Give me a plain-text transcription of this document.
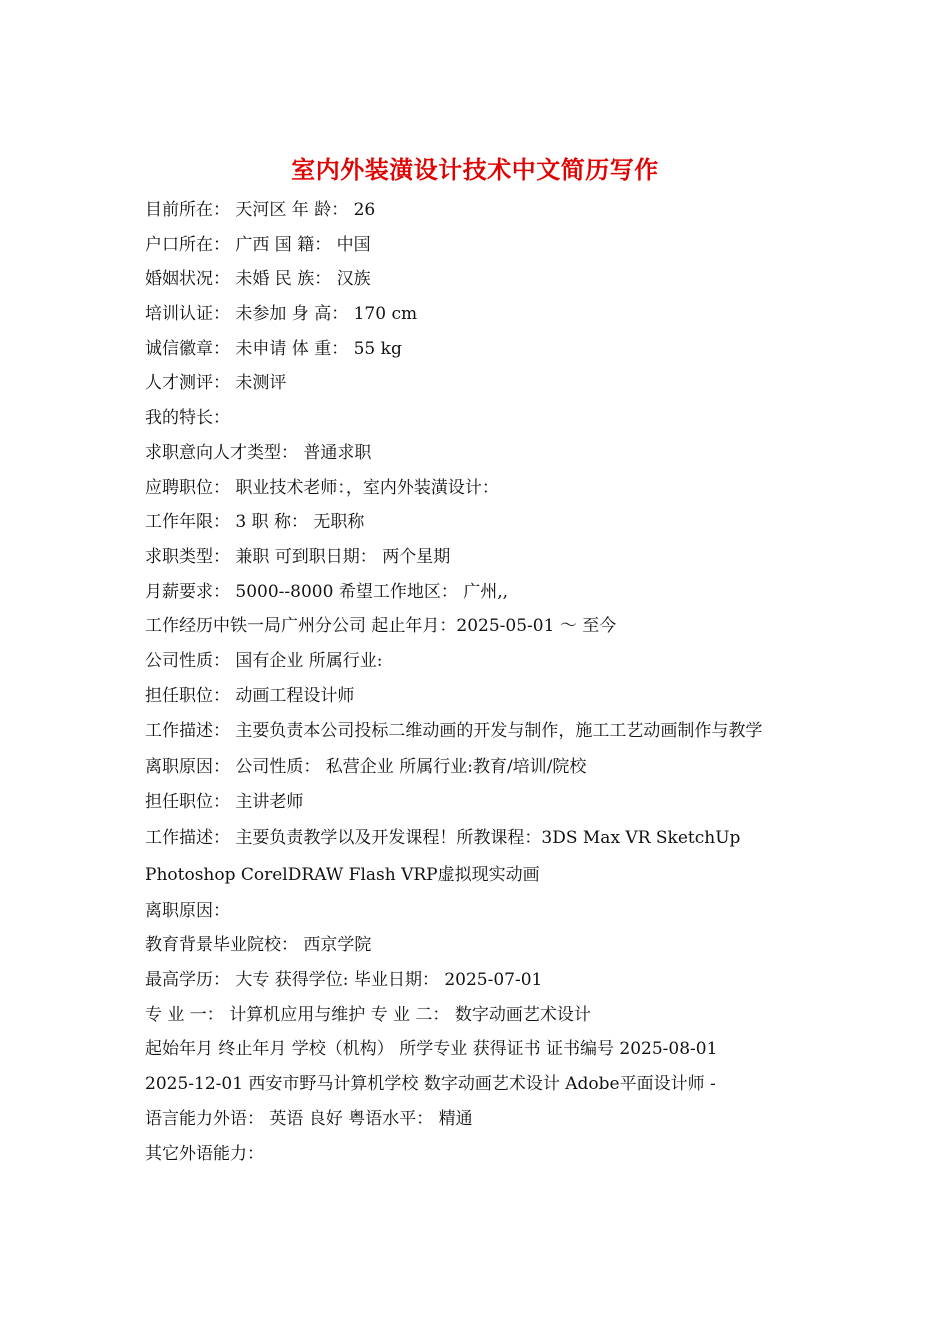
室内外装潢设计技术中文简历写作
目前所在： 天河区 年 龄： 26
户口所在： 广西 国 籍： 中国
婚姻状况： 未婚 民 族： 汉族
培训认证： 未参加 身 高： 170 cm
诚信徽章： 未申请 体 重： 55 kg
人才测评： 未测评
我的特长：
求职意向人才类型： 普通求职
应聘职位： 职业技术老师：，室内外装潢设计：
工作年限： 3 职 称： 无职称
求职类型： 兼职 可到职日期： 两个星期
月薪要求： 5000--8000 希望工作地区： 广州,,
工作经历中铁一局广州分公司 起止年月：2025-05-01 ～ 至今
公司性质： 国有企业 所属行业:
担任职位： 动画工程设计师
工作描述： 主要负责本公司投标二维动画的开发与制作，施工工艺动画制作与教学
离职原因： 公司性质： 私营企业 所属行业:教育/培训/院校
担任职位： 主讲老师
工作描述： 主要负责教学以及开发课程！所教课程：3DS Max VR SketchUp Photoshop CorelDRAW Flash VRP虚拟现实动画
离职原因：
教育背景毕业院校： 西京学院
最高学历： 大专 获得学位: 毕业日期： 2025-07-01
专 业 一： 计算机应用与维护 专 业 二： 数字动画艺术设计
起始年月 终止年月 学校（机构） 所学专业 获得证书 证书编号 2025-08-01
2025-12-01 西安市野马计算机学校 数字动画艺术设计 Adobe平面设计师 -
语言能力外语： 英语 良好 粤语水平： 精通
其它外语能力：
